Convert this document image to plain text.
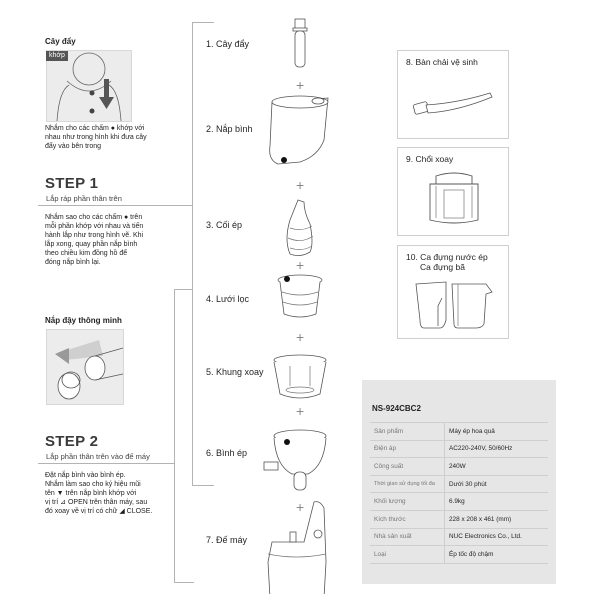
Cây đẩy
khớp
Nhắm cho các chấm ● khớp với
nhau như trong hình khi đưa cây
đẩy vào bên trong
STEP 1
Lắp ráp phần thân trên
Nhắm sao cho các chấm ● trên
mỗi phần khớp với nhau và tiến
hành lắp như trong hình vẽ. Khi
lắp xong, quay phần nắp bình
theo chiều kim đồng hồ để
đóng nắp bình lại.
Nắp đậy thông minh
STEP 2
Lắp phần thân trên vào đế máy
Đặt nắp bình vào bình ép.
Nhắm làm sao cho ký hiệu mũi
tên ▼ trên nắp bình khớp với
vị trí ⊿ OPEN trên thân máy, sau
đó xoay về vị trí có chữ ◢ CLOSE.
1. Cây đẩy
2. Nắp bình
3. Cối ép
4. Lưới lọc
5. Khung xoay
6. Bình ép
7. Đế máy
+
+
+
+
+
+
8. Bàn chải vệ sinh
9. Chổi xoay
10. Ca đựng nước ép
Ca đựng bã
NS-924CBC2
Sản phẩm	Máy ép hoa quả
Điện áp	AC220-240V, 50/60Hz
Công suất	240W
Thời gian sử dụng tối đa	Dưới 30 phút
Khối lượng	6.9kg
Kích thước	228 x 208 x 461 (mm)
Nhà sản xuất	NUC Electronics Co., Ltd.
Loại	Ép tốc độ chậm
